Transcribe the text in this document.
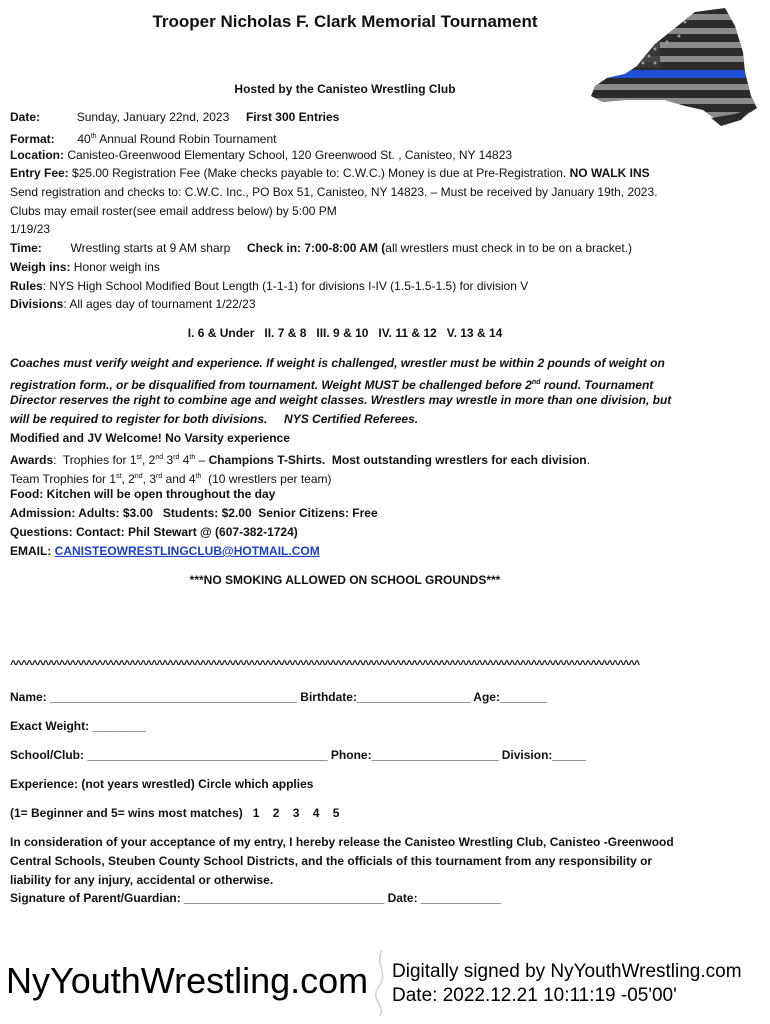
Trooper Nicholas F. Clark Memorial Tournament
Hosted by the Canisteo Wrestling Club
Date:	Sunday, January 22nd, 2023 First 300 Entries
Format: 40th Annual Round Robin Tournament
Location: Canisteo-Greenwood Elementary School, 120 Greenwood St. , Canisteo, NY 14823
Entry Fee: $25.00 Registration Fee (Make checks payable to: C.W.C.) Money is due at Pre-Registration. NO WALK INS
Send registration and checks to: C.W.C. Inc., PO Box 51, Canisteo, NY 14823. – Must be received by January 19th, 2023.
Clubs may email roster(see email address below) by 5:00 PM
1/19/23
Time: Wrestling starts at 9 AM sharp Check in: 7:00-8:00 AM (all wrestlers must check in to be on a bracket.)
Weigh ins: Honor weigh ins
Rules: NYS High School Modified Bout Length (1-1-1) for divisions I-IV (1.5-1.5-1.5) for division V
Divisions: All ages day of tournament 1/22/23
I. 6 & Under   II. 7 & 8   III. 9 & 10   IV. 11 & 12   V. 13 & 14
Coaches must verify weight and experience. If weight is challenged, wrestler must be within 2 pounds of weight on
registration form., or be disqualified from tournament. Weight MUST be challenged before 2nd round. Tournament
Director reserves the right to combine age and weight classes. Wrestlers may wrestle in more than one division, but
will be required to register for both divisions.     NYS Certified Referees.
Modified and JV Welcome! No Varsity experience
Awards:  Trophies for 1st, 2nd 3rd 4th – Champions T-Shirts.  Most outstanding wrestlers for each division.
Team Trophies for 1st, 2nd, 3rd and 4th  (10 wrestlers per team)
Food: Kitchen will be open throughout the day
Admission: Adults: $3.00   Students: $2.00  Senior Citizens: Free
Questions: Contact: Phil Stewart @ (607-382-1724)
EMAIL: CANISTEOWRESTLINGCLUB@HOTMAIL.COM
***NO SMOKING ALLOWED ON SCHOOL GROUNDS***
^^^^^^^^^^^^^^^^^^^^^^^^^^^^^^^^^^^^^^^^^^^^^^^^^^^^^^^^^^^^^^^^^^^^^^^^^^^^^^^^^^^^^^^^^^^^^^^^^^^^^^^^^^^^^^^^^^^^
Name: _____________________________________ Birthdate:_________________ Age:_______
Exact Weight: ________
School/Club: ____________________________________ Phone:___________________ Division:_____
Experience: (not years wrestled) Circle which applies
(1= Beginner and 5= wins most matches)   1    2    3    4    5
In consideration of your acceptance of my entry, I hereby release the Canisteo Wrestling Club, Canisteo -Greenwood
Central Schools, Steuben County School Districts, and the officials of this tournament from any responsibility or
liability for any injury, accidental or otherwise.
Signature of Parent/Guardian: ______________________________ Date: ____________
NyYouthWrestling.com Digitally signed by NyYouthWrestling.com
Date: 2022.12.21 10:11:19 -05'00'
